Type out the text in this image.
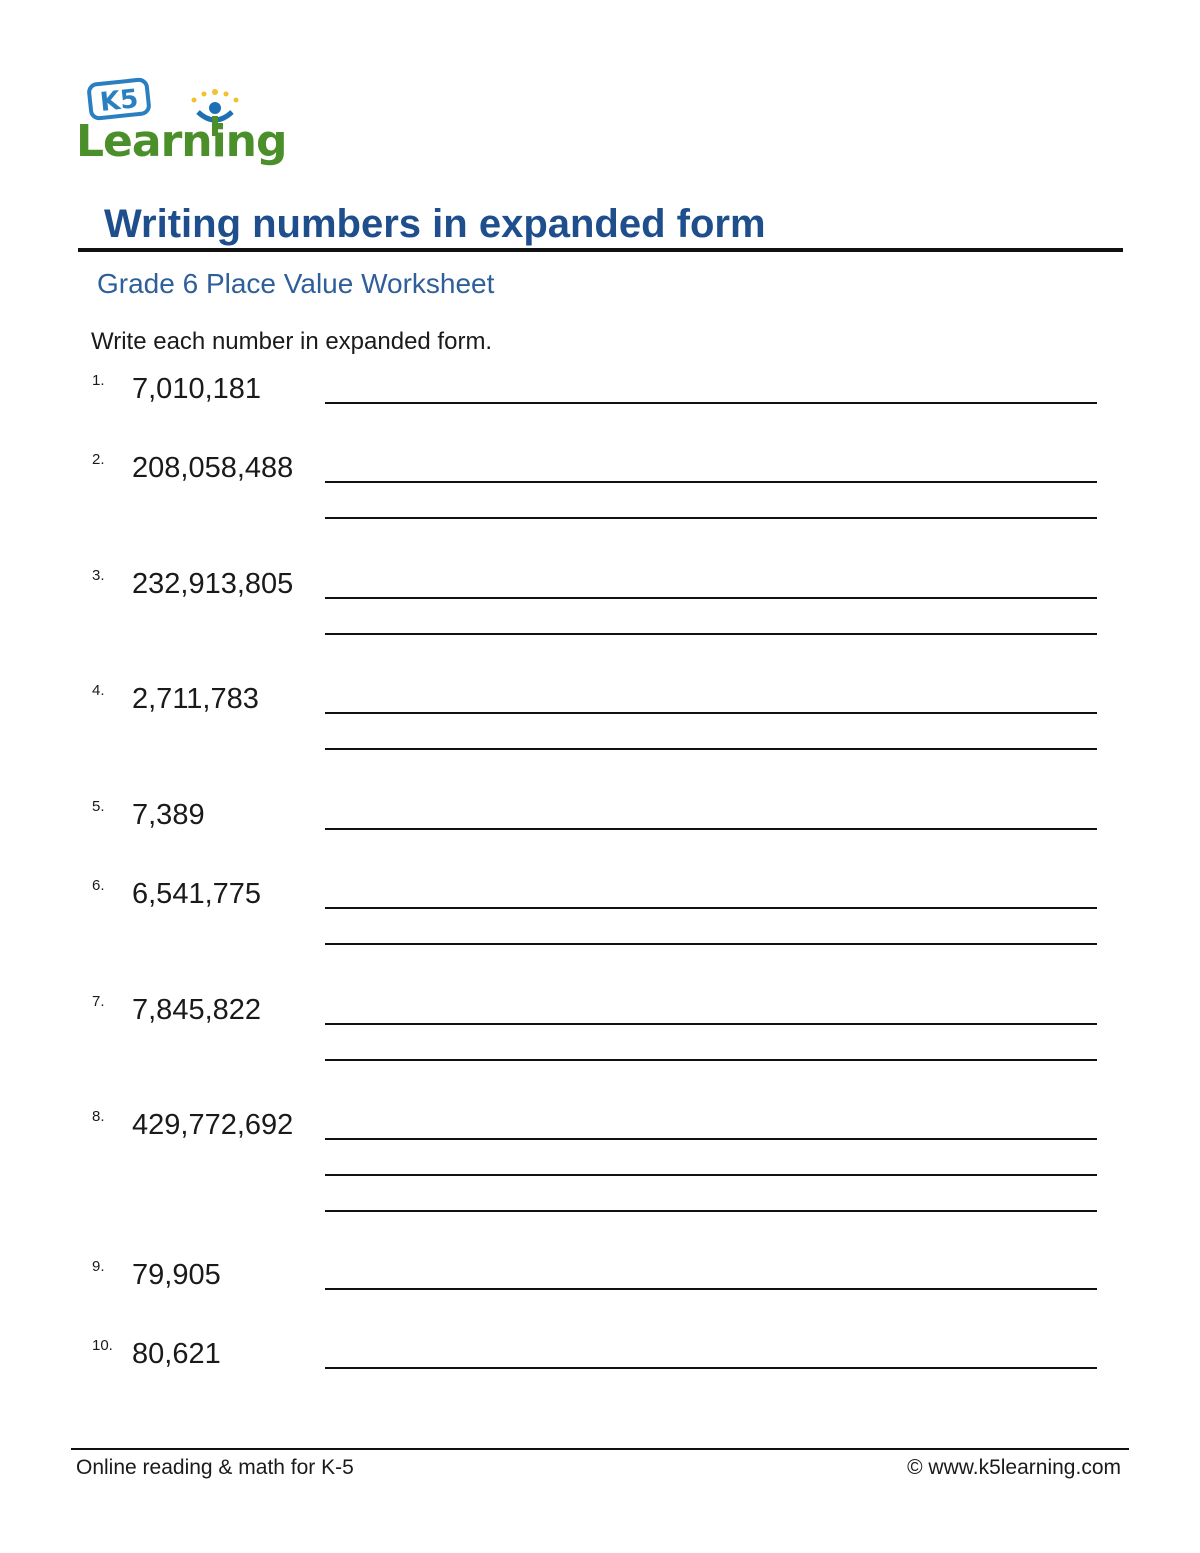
K5
Learning
Writing numbers in expanded form
Grade 6 Place Value Worksheet
Write each number in expanded form.
1. 7,010,181
2. 208,058,488
3. 232,913,805
4. 2,711,783
5. 7,389
6. 6,541,775
7. 7,845,822
8. 429,772,692
9. 79,905
10. 80,621
Online reading & math for K-5	© www.k5learning.com
